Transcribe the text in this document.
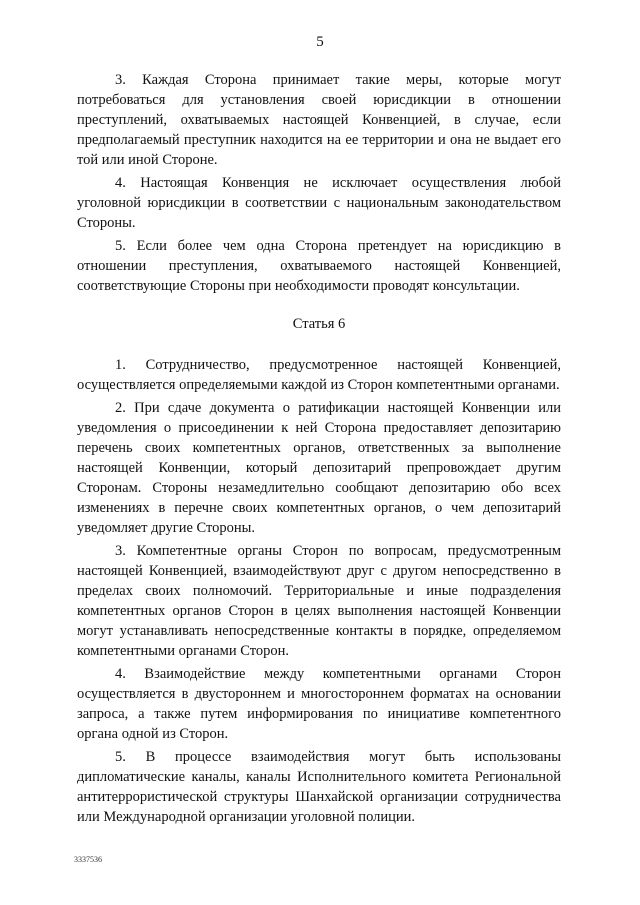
5

3. Каждая Сторона принимает такие меры, которые могут потребоваться для установления своей юрисдикции в отношении преступлений, охватываемых настоящей Конвенцией, в случае, если предполагаемый преступник находится на ее территории и она не выдает его той или иной Стороне.

4. Настоящая Конвенция не исключает осуществления любой уголовной юрисдикции в соответствии с национальным законодательством Стороны.

5. Если более чем одна Сторона претендует на юрисдикцию в отношении преступления, охватываемого настоящей Конвенцией, соответствующие Стороны при необходимости проводят консультации.

Статья 6

1. Сотрудничество, предусмотренное настоящей Конвенцией, осуществляется определяемыми каждой из Сторон компетентными органами.

2. При сдаче документа о ратификации настоящей Конвенции или уведомления о присоединении к ней Сторона предоставляет депозитарию перечень своих компетентных органов, ответственных за выполнение настоящей Конвенции, который депозитарий препровождает другим Сторонам. Стороны незамедлительно сообщают депозитарию обо всех изменениях в перечне своих компетентных органов, о чем депозитарий уведомляет другие Стороны.

3. Компетентные органы Сторон по вопросам, предусмотренным настоящей Конвенцией, взаимодействуют друг с другом непосредственно в пределах своих полномочий. Территориальные и иные подразделения компетентных органов Сторон в целях выполнения настоящей Конвенции могут устанавливать непосредственные контакты в порядке, определяемом компетентными органами Сторон.

4. Взаимодействие между компетентными органами Сторон осуществляется в двустороннем и многостороннем форматах на основании запроса, а также путем информирования по инициативе компетентного органа одной из Сторон.

5. В процессе взаимодействия могут быть использованы дипломатические каналы, каналы Исполнительного комитета Региональной антитеррористической структуры Шанхайской организации сотрудничества или Международной организации уголовной полиции.

3337536
